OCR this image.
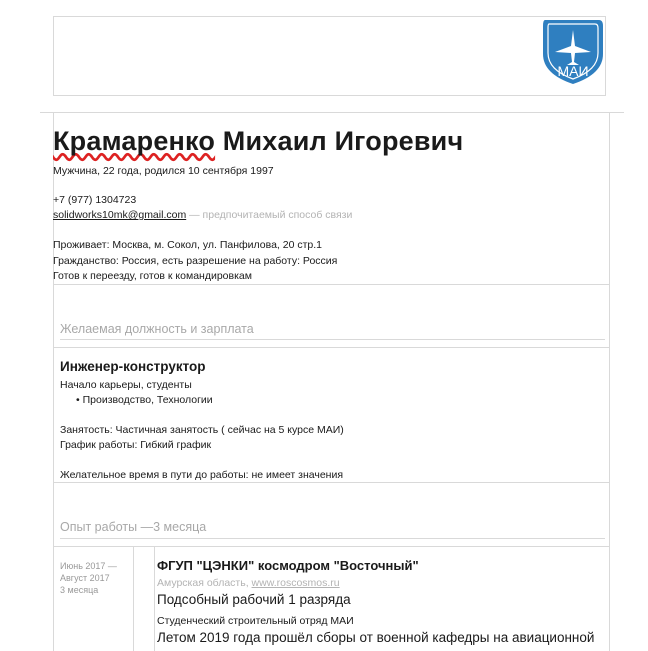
МАИ
Крамаренко Михаил Игоревич
Мужчина, 22 года, родился 10 сентября 1997
+7 (977) 1304723
solidworks10mk@gmail.com — предпочитаемый способ связи
Проживает: Москва, м. Сокол, ул. Панфилова, 20 стр.1
Гражданство: Россия, есть разрешение на работу: Россия
Готов к переезду, готов к командировкам
Желаемая должность и зарплата
Инженер-конструктор
Начало карьеры, студенты
• Производство, Технологии
Занятость: Частичная занятость ( сейчас на 5 курсе МАИ)
График работы: Гибкий график
Желательное время в пути до работы: не имеет значения
Опыт работы —3 месяца
Июнь 2017 —
Август 2017
3 месяца
ФГУП "ЦЭНКИ" космодром "Восточный"
Амурская область, www.roscosmos.ru
Подсобный рабочий 1 разряда
Студенческий строительный отряд МАИ
Летом 2019 года прошёл сборы от военной кафедры на авиационной
